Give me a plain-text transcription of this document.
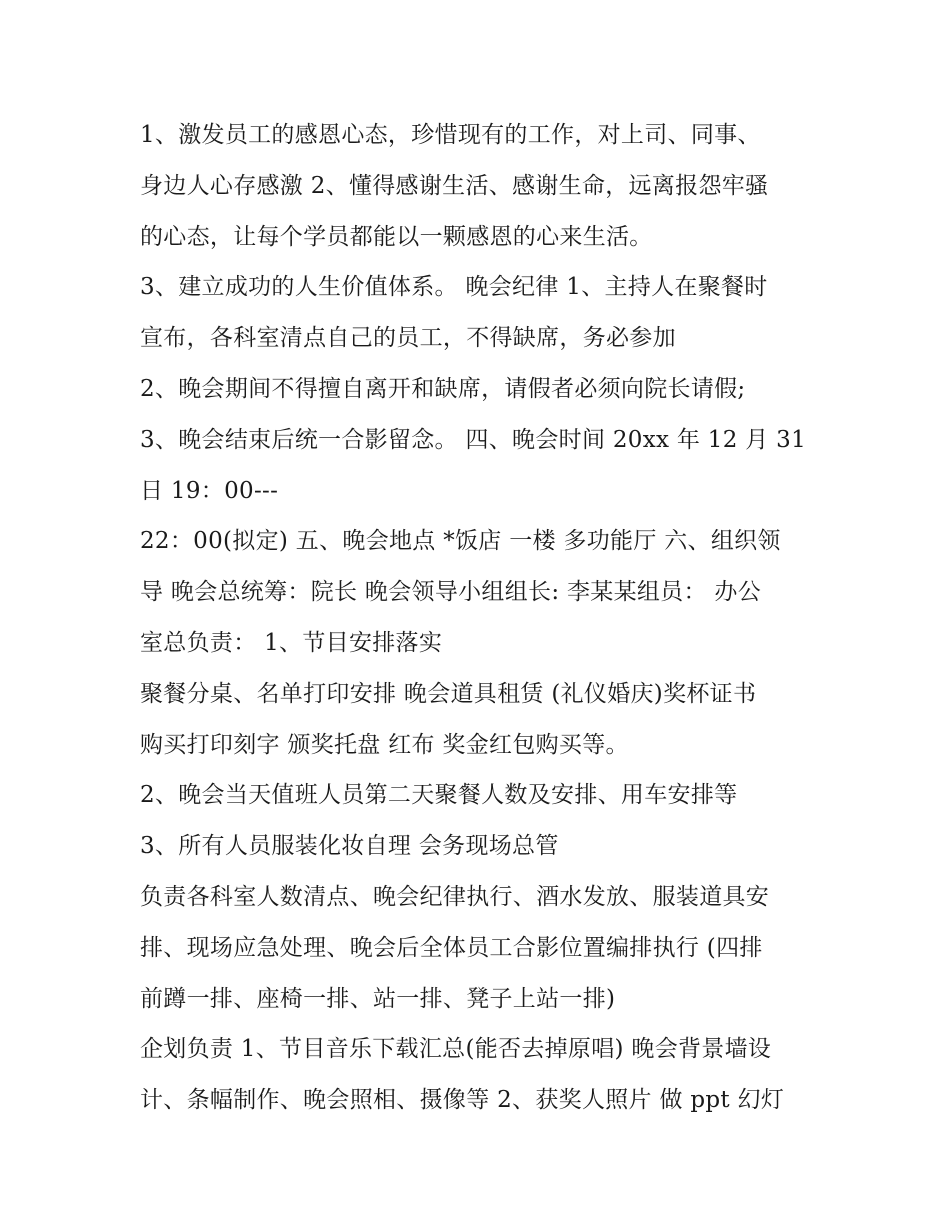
1、激发员工的感恩心态，珍惜现有的工作，对上司、同事、
身边人心存感激 2、懂得感谢生活、感谢生命，远离报怨牢骚
的心态，让每个学员都能以一颗感恩的心来生活。
3、建立成功的人生价值体系。 晚会纪律 1、主持人在聚餐时
宣布，各科室清点自己的员工，不得缺席，务必参加
2、晚会期间不得擅自离开和缺席，请假者必须向院长请假;
3、晚会结束后统一合影留念。 四、晚会时间 20xx 年 12 月 31
日 19：00---
22：00(拟定) 五、晚会地点 *饭店 一楼 多功能厅 六、组织领
导 晚会总统筹：院长 晚会领导小组组长: 李某某组员： 办公
室总负责： 1、节目安排落实
聚餐分桌、名单打印安排 晚会道具租赁 (礼仪婚庆)奖杯证书
购买打印刻字 颁奖托盘 红布 奖金红包购买等。
2、晚会当天值班人员第二天聚餐人数及安排、用车安排等
3、所有人员服装化妆自理 会务现场总管
负责各科室人数清点、晚会纪律执行、酒水发放、服装道具安
排、现场应急处理、晚会后全体员工合影位置编排执行 (四排
前蹲一排、座椅一排、站一排、凳子上站一排)
企划负责 1、节目音乐下载汇总(能否去掉原唱) 晚会背景墙设
计、条幅制作、晚会照相、摄像等 2、获奖人照片 做 ppt 幻灯
